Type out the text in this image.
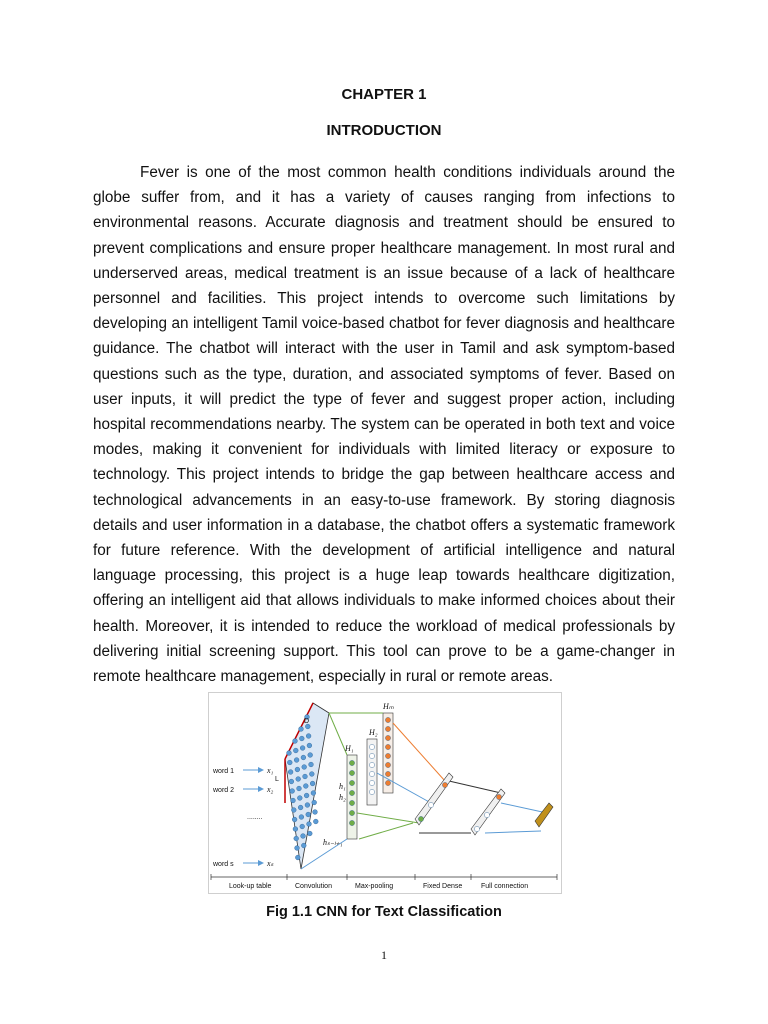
CHAPTER 1
INTRODUCTION

Fever is one of the most common health conditions individuals around the globe suffer from, and it has a variety of causes ranging from infections to environmental reasons. Accurate diagnosis and treatment should be ensured to prevent complications and ensure proper healthcare management. In most rural and underserved areas, medical treatment is an issue because of a lack of healthcare personnel and facilities. This project intends to overcome such limitations by developing an intelligent Tamil voice-based chatbot for fever diagnosis and healthcare guidance. The chatbot will interact with the user in Tamil and ask symptom-based questions such as the type, duration, and associated symptoms of fever. Based on user inputs, it will predict the type of fever and suggest proper action, including hospital recommendations nearby. The system can be operated in both text and voice modes, making it convenient for individuals with limited literacy or exposure to technology. This project intends to bridge the gap between healthcare access and technological advancements in an easy-to-use framework. By storing diagnosis details and user information in a database, the chatbot offers a systematic framework for future reference. With the development of artificial intelligence and natural language processing, this project is a huge leap towards healthcare digitization, offering an intelligent aid that allows individuals to make informed choices about their health. Moreover, it is intended to reduce the workload of medical professionals by delivering initial screening support. This tool can prove to be a game-changer in remote healthcare management, especially in rural or remote areas.

word 1
word 2
word s
x₁
x₂
xₛ
D
L
........
h₁
h₂
hₛ₋ₗ₊₁
H₁
H₂
Hₘ
Look-up table	Convolution	Max-pooling	Fixed Dense	Full connection
Fig 1.1 CNN for Text Classification
1
